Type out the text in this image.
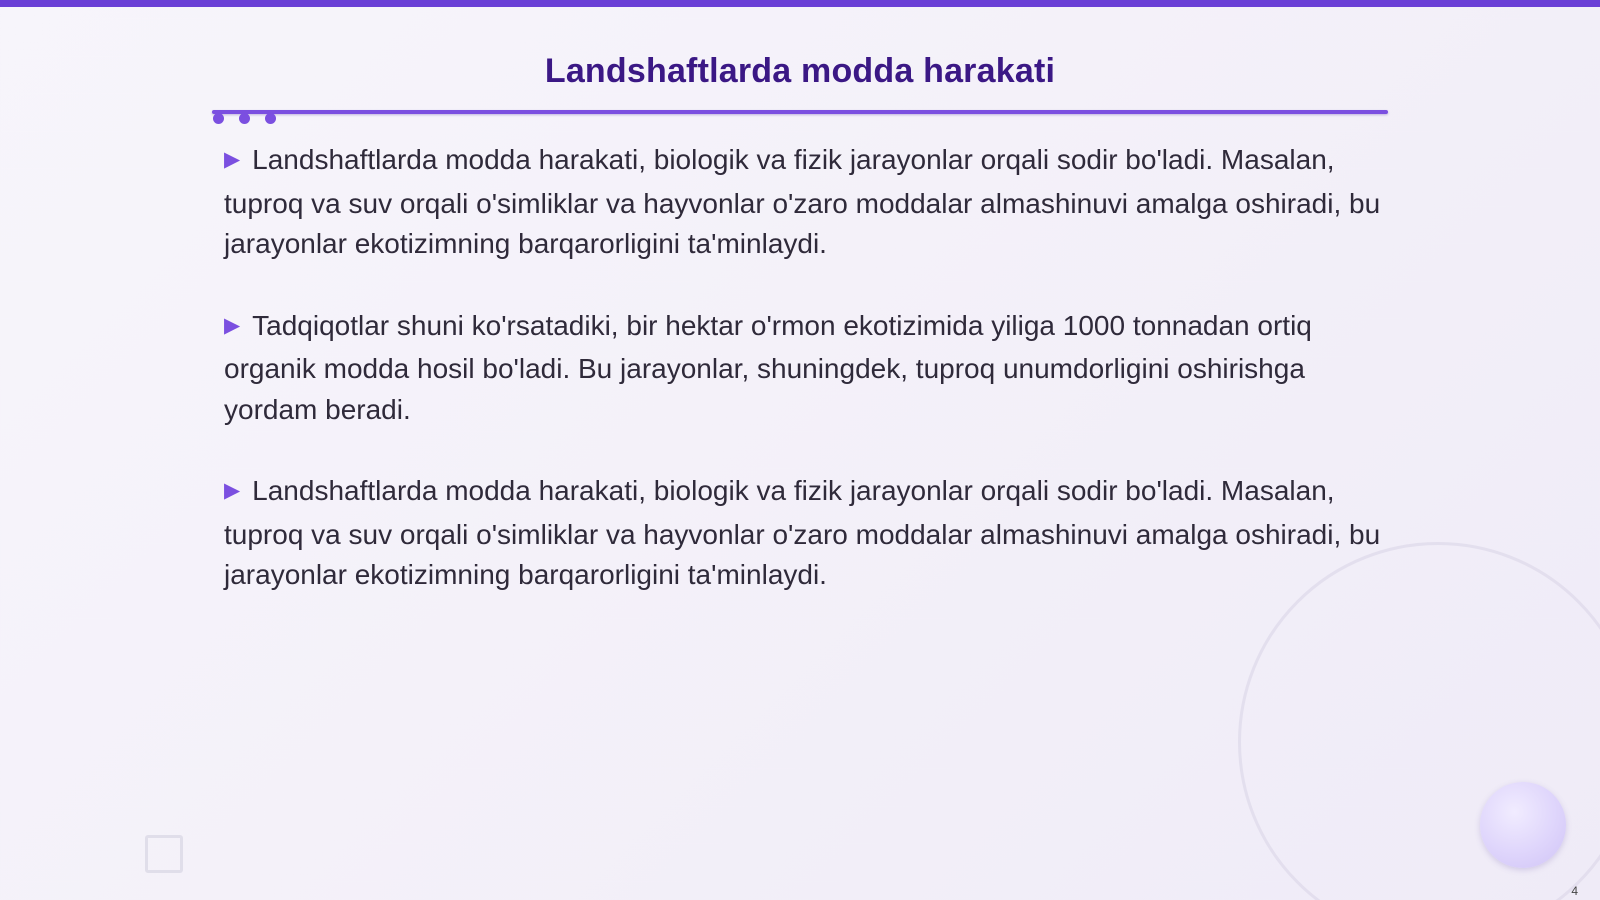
Landshaftlarda modda harakati

▶ Landshaftlarda modda harakati, biologik va fizik jarayonlar orqali sodir bo'ladi. Masalan, tuproq va suv orqali o'simliklar va hayvonlar o'zaro moddalar almashinuvi amalga oshiradi, bu jarayonlar ekotizimning barqarorligini ta'minlaydi.

▶ Tadqiqotlar shuni ko'rsatadiki, bir hektar o'rmon ekotizimida yiliga 1000 tonnadan ortiq organik modda hosil bo'ladi. Bu jarayonlar, shuningdek, tuproq unumdorligini oshirishga yordam beradi.

▶ Landshaftlarda modda harakati, biologik va fizik jarayonlar orqali sodir bo'ladi. Masalan, tuproq va suv orqali o'simliklar va hayvonlar o'zaro moddalar almashinuvi amalga oshiradi, bu jarayonlar ekotizimning barqarorligini ta'minlaydi.

4
